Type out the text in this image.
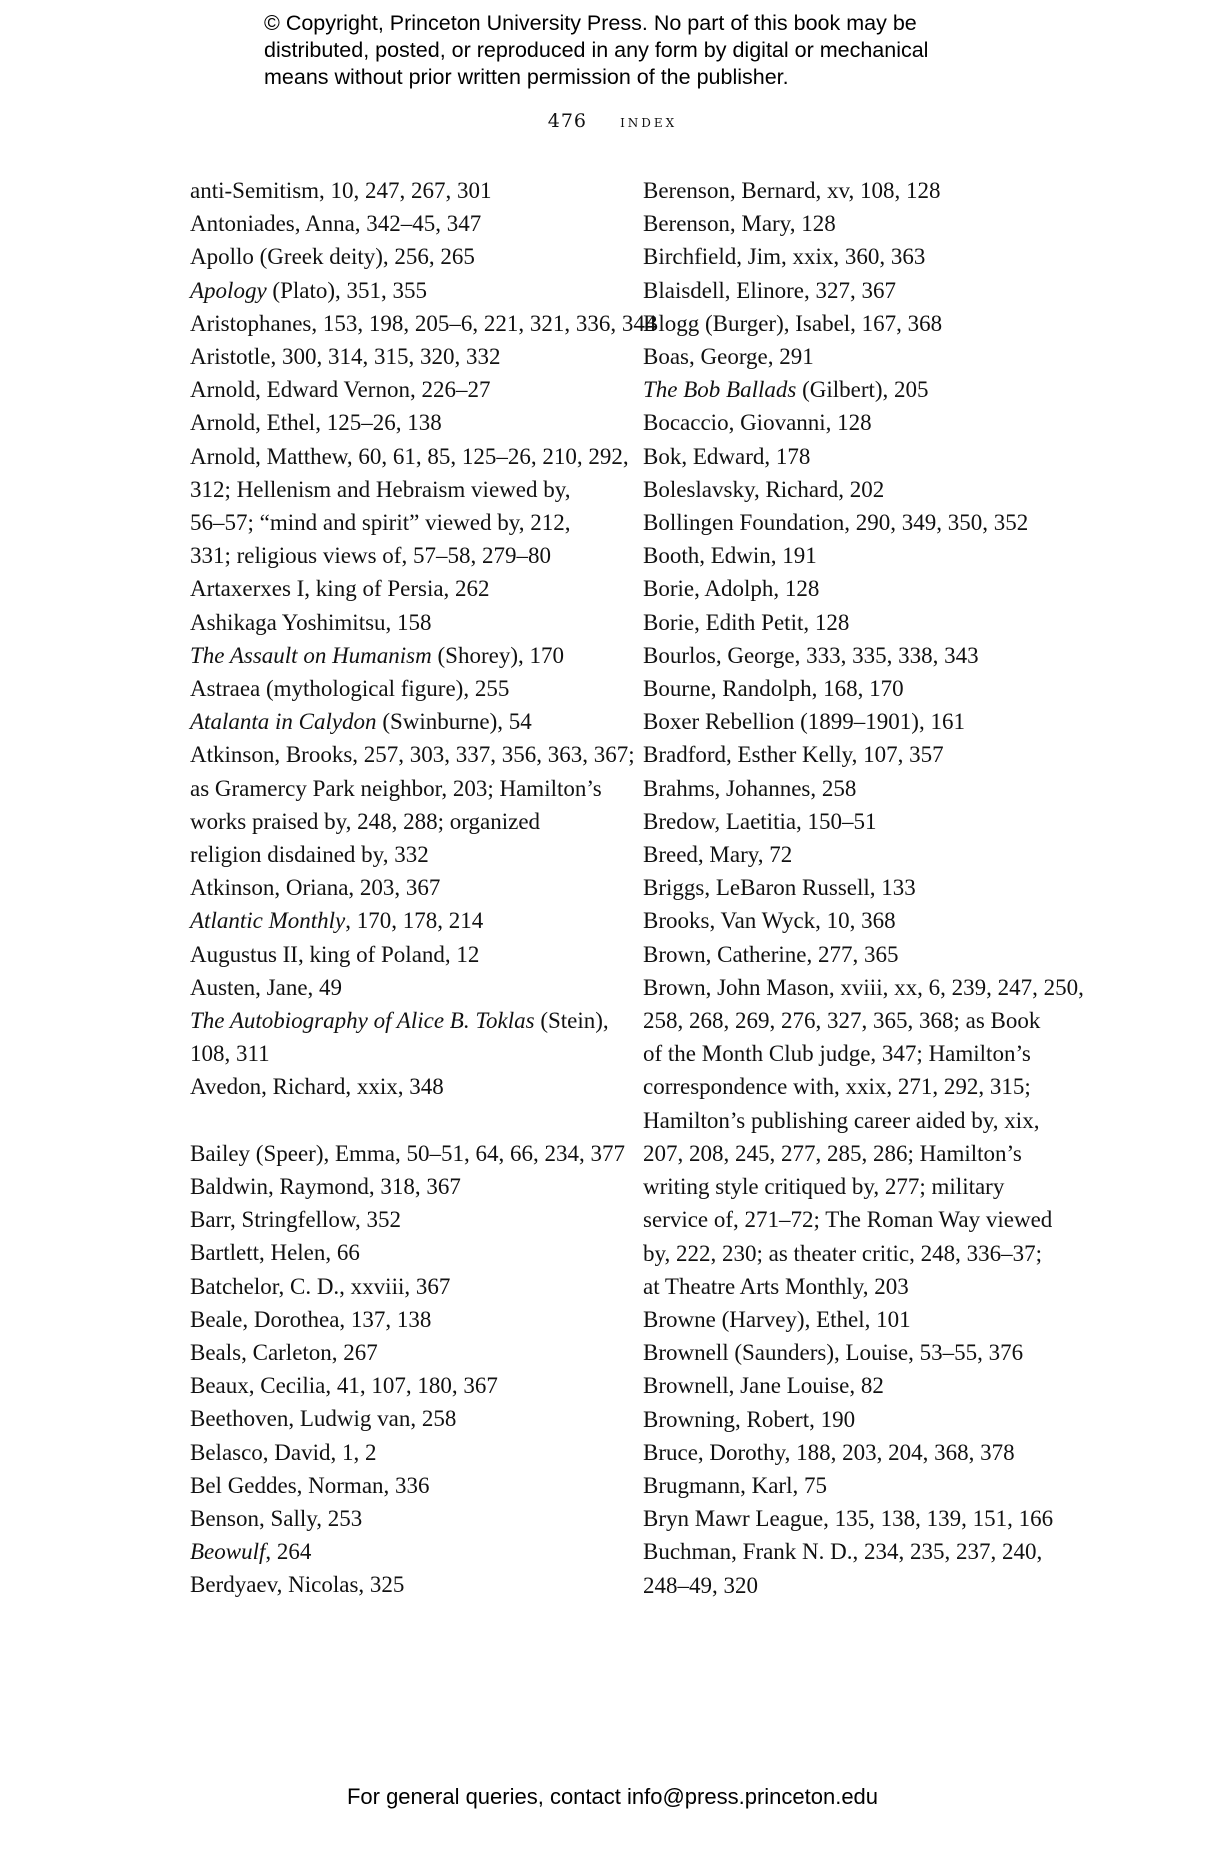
© Copyright, Princeton University Press. No part of this book may be
distributed, posted, or reproduced in any form by digital or mechanical
means without prior written permission of the publisher.
476 index
anti-Semitism, 10, 247, 267, 301
Antoniades, Anna, 342–45, 347
Apollo (Greek deity), 256, 265
Apology (Plato), 351, 355
Aristophanes, 153, 198, 205–6, 221, 321, 336, 344
Aristotle, 300, 314, 315, 320, 332
Arnold, Edward Vernon, 226–27
Arnold, Ethel, 125–26, 138
Arnold, Matthew, 60, 61, 85, 125–26, 210, 292,
312; Hellenism and Hebraism viewed by,
56–57; “mind and spirit” viewed by, 212,
331; religious views of, 57–58, 279–80
Artaxerxes I, king of Persia, 262
Ashikaga Yoshimitsu, 158
The Assault on Humanism (Shorey), 170
Astraea (mythological figure), 255
Atalanta in Calydon (Swinburne), 54
Atkinson, Brooks, 257, 303, 337, 356, 363, 367;
as Gramercy Park neighbor, 203; Hamilton’s
works praised by, 248, 288; organized
religion disdained by, 332
Atkinson, Oriana, 203, 367
Atlantic Monthly, 170, 178, 214
Augustus II, king of Poland, 12
Austen, Jane, 49
The Autobiography of Alice B. Toklas (Stein),
108, 311
Avedon, Richard, xxix, 348
Bailey (Speer), Emma, 50–51, 64, 66, 234, 377
Baldwin, Raymond, 318, 367
Barr, Stringfellow, 352
Bartlett, Helen, 66
Batchelor, C. D., xxviii, 367
Beale, Dorothea, 137, 138
Beals, Carleton, 267
Beaux, Cecilia, 41, 107, 180, 367
Beethoven, Ludwig van, 258
Belasco, David, 1, 2
Bel Geddes, Norman, 336
Benson, Sally, 253
Beowulf, 264
Berdyaev, Nicolas, 325
Berenson, Bernard, xv, 108, 128
Berenson, Mary, 128
Birchfield, Jim, xxix, 360, 363
Blaisdell, Elinore, 327, 367
Blogg (Burger), Isabel, 167, 368
Boas, George, 291
The Bob Ballads (Gilbert), 205
Bocaccio, Giovanni, 128
Bok, Edward, 178
Boleslavsky, Richard, 202
Bollingen Foundation, 290, 349, 350, 352
Booth, Edwin, 191
Borie, Adolph, 128
Borie, Edith Petit, 128
Bourlos, George, 333, 335, 338, 343
Bourne, Randolph, 168, 170
Boxer Rebellion (1899–1901), 161
Bradford, Esther Kelly, 107, 357
Brahms, Johannes, 258
Bredow, Laetitia, 150–51
Breed, Mary, 72
Briggs, LeBaron Russell, 133
Brooks, Van Wyck, 10, 368
Brown, Catherine, 277, 365
Brown, John Mason, xviii, xx, 6, 239, 247, 250,
258, 268, 269, 276, 327, 365, 368; as Book
of the Month Club judge, 347; Hamilton’s
correspondence with, xxix, 271, 292, 315;
Hamilton’s publishing career aided by, xix,
207, 208, 245, 277, 285, 286; Hamilton’s
writing style critiqued by, 277; military
service of, 271–72; The Roman Way viewed
by, 222, 230; as theater critic, 248, 336–37;
at Theatre Arts Monthly, 203
Browne (Harvey), Ethel, 101
Brownell (Saunders), Louise, 53–55, 376
Brownell, Jane Louise, 82
Browning, Robert, 190
Bruce, Dorothy, 188, 203, 204, 368, 378
Brugmann, Karl, 75
Bryn Mawr League, 135, 138, 139, 151, 166
Buchman, Frank N. D., 234, 235, 237, 240,
248–49, 320
For general queries, contact info@press.princeton.edu
